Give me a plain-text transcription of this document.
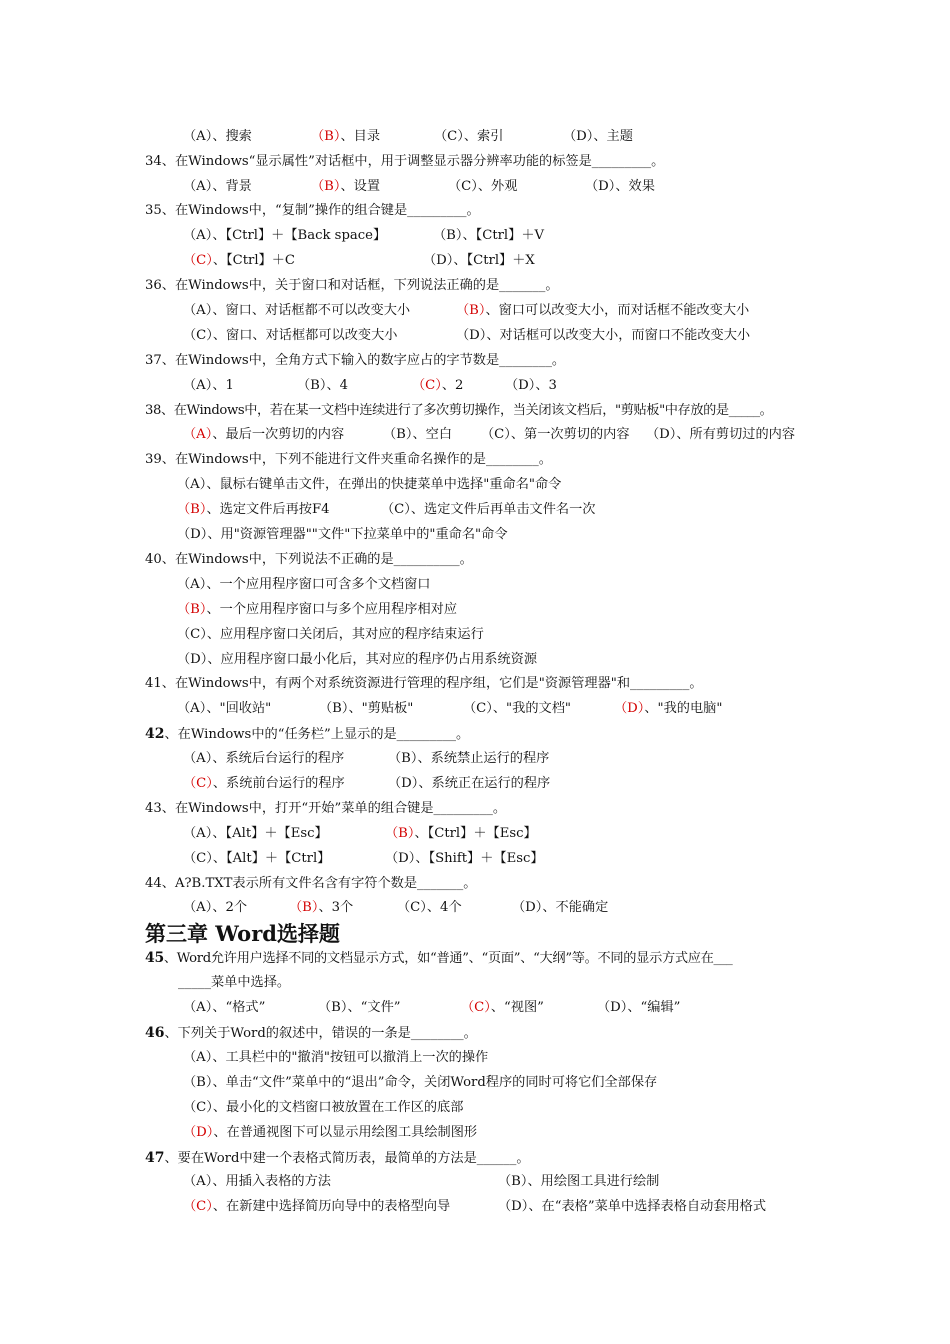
（A）、搜索

	（B）、目录

	（C）、索引

	（D）、主题

34、在Windows“显示属性”对话框中，用于调整显示器分辨率功能的标签是_________。

（A）、背景

	（B）、设置

	（C）、外观

	（D）、效果

35、在Windows中，“复制”操作的组合键是_________。

（A）、【Ctrl】＋【Back space】

	（B）、【Ctrl】＋V

（C）、【Ctrl】＋C

	（D）、【Ctrl】＋X

36、在Windows中，关于窗口和对话框，下列说法正确的是_______。

（A）、窗口、对话框都不可以改变大小

	（B）、窗口可以改变大小，而对话框不能改变大小

（C）、窗口、对话框都可以改变大小

	（D）、对话框可以改变大小，而窗口不能改变大小

37、在Windows中，全角方式下输入的数字应占的字节数是________。

（A）、1

	（B）、4

	（C）、2

	（D）、3

38、在Windows中，若在某一文档中连续进行了多次剪切操作，当关闭该文档后，"剪贴板"中存放的是_____。

（A）、最后一次剪切的内容

	（B）、空白

（C）、第一次剪切的内容

（D）、所有剪切过的内容

39、在Windows中，下列不能进行文件夹重命名操作的是________。
（A）、鼠标右键单击文件，在弹出的快捷菜单中选择"重命名"命令

（B）、选定文件后再按F4

	（C）、选定文件后再单击文件名一次

（D）、用"资源管理器""文件"下拉菜单中的"重命名"命令
40、在Windows中，下列说法不正确的是__________。
（A）、一个应用程序窗口可含多个文档窗口
（B）、一个应用程序窗口与多个应用程序相对应
（C）、应用程序窗口关闭后，其对应的程序结束运行
（D）、应用程序窗口最小化后，其对应的程序仍占用系统资源
41、在Windows中，有两个对系统资源进行管理的程序组，它们是"资源管理器"和_________。

（A）、"回收站"

	（B）、"剪贴板"

	（C）、"我的文档"

	（D）、"我的电脑"

42、在Windows中的“任务栏”上显示的是_________。

（A）、系统后台运行的程序

	（B）、系统禁止运行的程序

（C）、系统前台运行的程序

	（D）、系统正在运行的程序

43、在Windows中，打开“开始”菜单的组合键是_________。

（A）、【Alt】＋【Esc】

	（B）、【Ctrl】＋【Esc】

（C）、【Alt】＋【Ctrl】

	（D）、【Shift】＋【Esc】

44、A?B.TXT表示所有文件名含有字符个数是_______。

（A）、2个

	（B）、3个

	（C）、4个

	（D）、不能确定

第三章 Word选择题
45、Word允许用户选择不同的文档显示方式，如“普通”、“页面”、“大纲”等。不同的显示方式应在___
_____菜单中选择。

（A）、“格式”

	（B）、“文件”

	（C）、“视图”

	（D）、“编辑”

46、下列关于Word的叙述中，错误的一条是________。
（A）、工具栏中的"撤消"按钮可以撤消上一次的操作
（B）、单击“文件”菜单中的“退出”命令，关闭Word程序的同时可将它们全部保存
（C）、最小化的文档窗口被放置在工作区的底部
（D）、在普通视图下可以显示用绘图工具绘制图形
47、要在Word中建一个表格式简历表，最简单的方法是______。

（A）、用插入表格的方法

	（B）、用绘图工具进行绘制

（C）、在新建中选择简历向导中的表格型向导

	（D）、在“表格”菜单中选择表格自动套用格式
